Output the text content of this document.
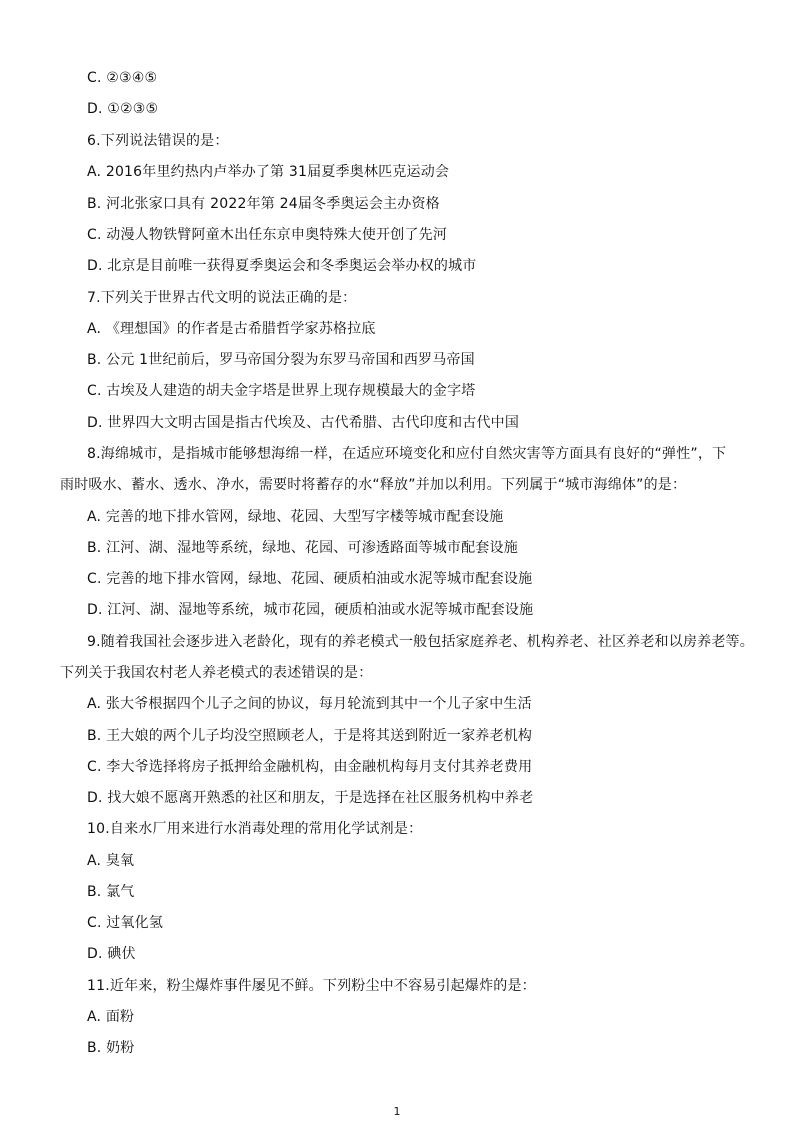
C. ②③④⑤
D. ①②③⑤
6.下列说法错误的是：
A. 2016年里约热内卢举办了第 31届夏季奥林匹克运动会
B. 河北张家口具有 2022年第 24届冬季奥运会主办资格
C. 动漫人物铁臂阿童木出任东京申奥特殊大使开创了先河
D. 北京是目前唯一获得夏季奥运会和冬季奥运会举办权的城市
7.下列关于世界古代文明的说法正确的是：
A. 《理想国》的作者是古希腊哲学家苏格拉底
B. 公元 1世纪前后，罗马帝国分裂为东罗马帝国和西罗马帝国
C. 古埃及人建造的胡夫金字塔是世界上现存规模最大的金字塔
D. 世界四大文明古国是指古代埃及、古代希腊、古代印度和古代中国
8.海绵城市，是指城市能够想海绵一样，在适应环境变化和应付自然灾害等方面具有良好的“弹性”，下
雨时吸水、蓄水、透水、净水，需要时将蓄存的水“释放”并加以利用。下列属于“城市海绵体”的是：
A. 完善的地下排水管网，绿地、花园、大型写字楼等城市配套设施
B. 江河、湖、湿地等系统，绿地、花园、可渗透路面等城市配套设施
C. 完善的地下排水管网，绿地、花园、硬质柏油或水泥等城市配套设施
D. 江河、湖、湿地等系统，城市花园，硬质柏油或水泥等城市配套设施
9.随着我国社会逐步进入老龄化，现有的养老模式一般包括家庭养老、机构养老、社区养老和以房养老等。
下列关于我国农村老人养老模式的表述错误的是：
A. 张大爷根据四个儿子之间的协议，每月轮流到其中一个儿子家中生活
B. 王大娘的两个儿子均没空照顾老人，于是将其送到附近一家养老机构
C. 李大爷选择将房子抵押给金融机构，由金融机构每月支付其养老费用
D. 找大娘不愿离开熟悉的社区和朋友，于是选择在社区服务机构中养老
10.自来水厂用来进行水消毒处理的常用化学试剂是：
A. 臭氧
B. 氯气
C. 过氧化氢
D. 碘伏
11.近年来，粉尘爆炸事件屡见不鲜。下列粉尘中不容易引起爆炸的是：
A. 面粉
B. 奶粉
1
